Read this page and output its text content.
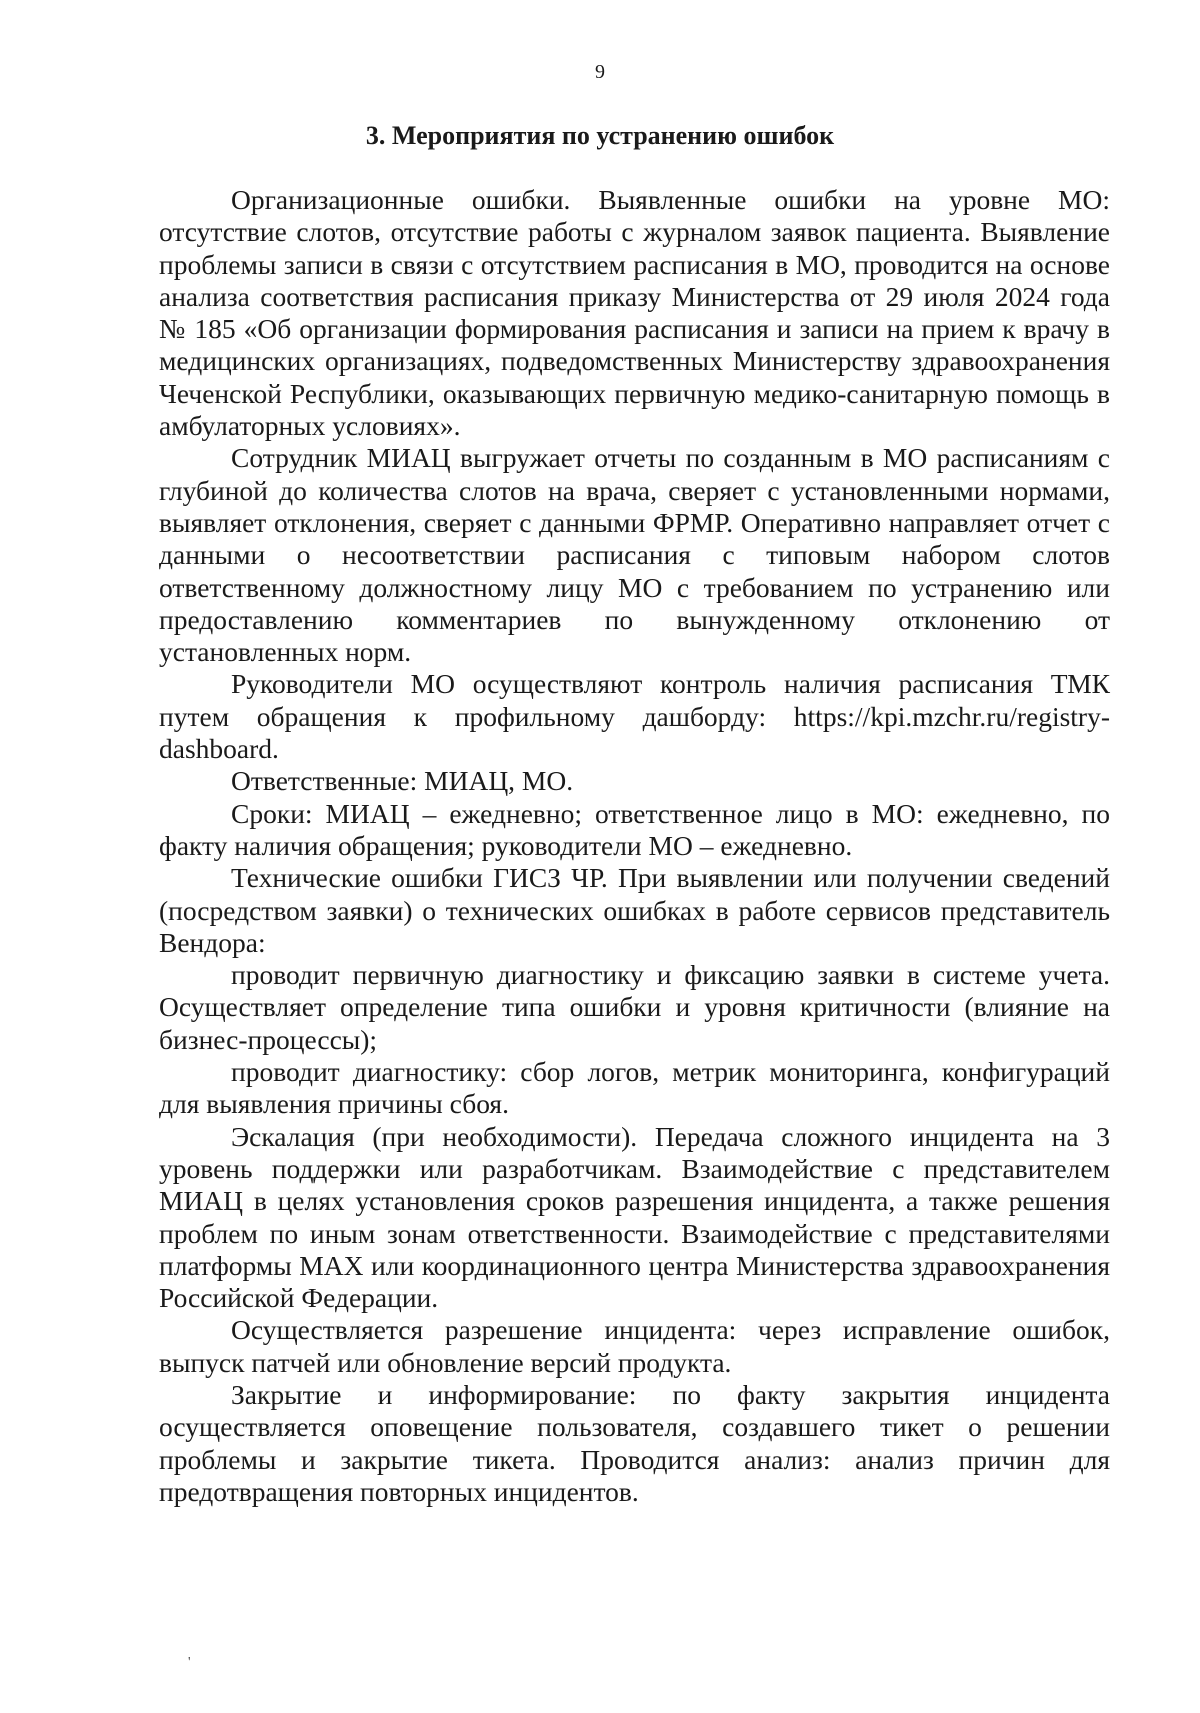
9
3. Мероприятия по устранению ошибок

Организационные ошибки. Выявленные ошибки на уровне МО: отсутствие слотов, отсутствие работы с журналом заявок пациента. Выявление проблемы записи в связи с отсутствием расписания в МО, проводится на основе анализа соответствия расписания приказу Министерства от 29 июля 2024 года № 185 «Об организации формирования расписания и записи на прием к врачу в медицинских организациях, подведомственных Министерству здравоохранения Чеченской Республики, оказывающих первичную медико-санитарную помощь в амбулаторных условиях».

Сотрудник МИАЦ выгружает отчеты по созданным в МО расписаниям с глубиной до количества слотов на врача, сверяет с установленными нормами, выявляет отклонения, сверяет с данными ФРМР. Оперативно направляет отчет с данными о несоответствии расписания с типовым набором слотов ответственному должностному лицу МО с требованием по устранению или предоставлению комментариев по вынужденному отклонению от установленных норм.

Руководители МО осуществляют контроль наличия расписания ТМК путем обращения к профильному дашборду: https://kpi.mzchr.ru/registry-dashboard.

Ответственные: МИАЦ, МО.

Сроки: МИАЦ – ежедневно; ответственное лицо в МО: ежедневно, по факту наличия обращения; руководители МО – ежедневно.

Технические ошибки ГИСЗ ЧР. При выявлении или получении сведений (посредством заявки) о технических ошибках в работе сервисов представитель Вендора:

проводит первичную диагностику и фиксацию заявки в системе учета. Осуществляет определение типа ошибки и уровня критичности (влияние на бизнес-процессы);

проводит диагностику: сбор логов, метрик мониторинга, конфигураций для выявления причины сбоя.

Эскалация (при необходимости). Передача сложного инцидента на 3 уровень поддержки или разработчикам. Взаимодействие с представителем МИАЦ в целях установления сроков разрешения инцидента, а также решения проблем по иным зонам ответственности. Взаимодействие с представителями платформы MAX или координационного центра Министерства здравоохранения Российской Федерации.

Осуществляется разрешение инцидента: через исправление ошибок, выпуск патчей или обновление версий продукта.

Закрытие и информирование: по факту закрытия инцидента осуществляется оповещение пользователя, создавшего тикет о решении проблемы и закрытие тикета. Проводится анализ: анализ причин для предотвращения повторных инцидентов.

'
